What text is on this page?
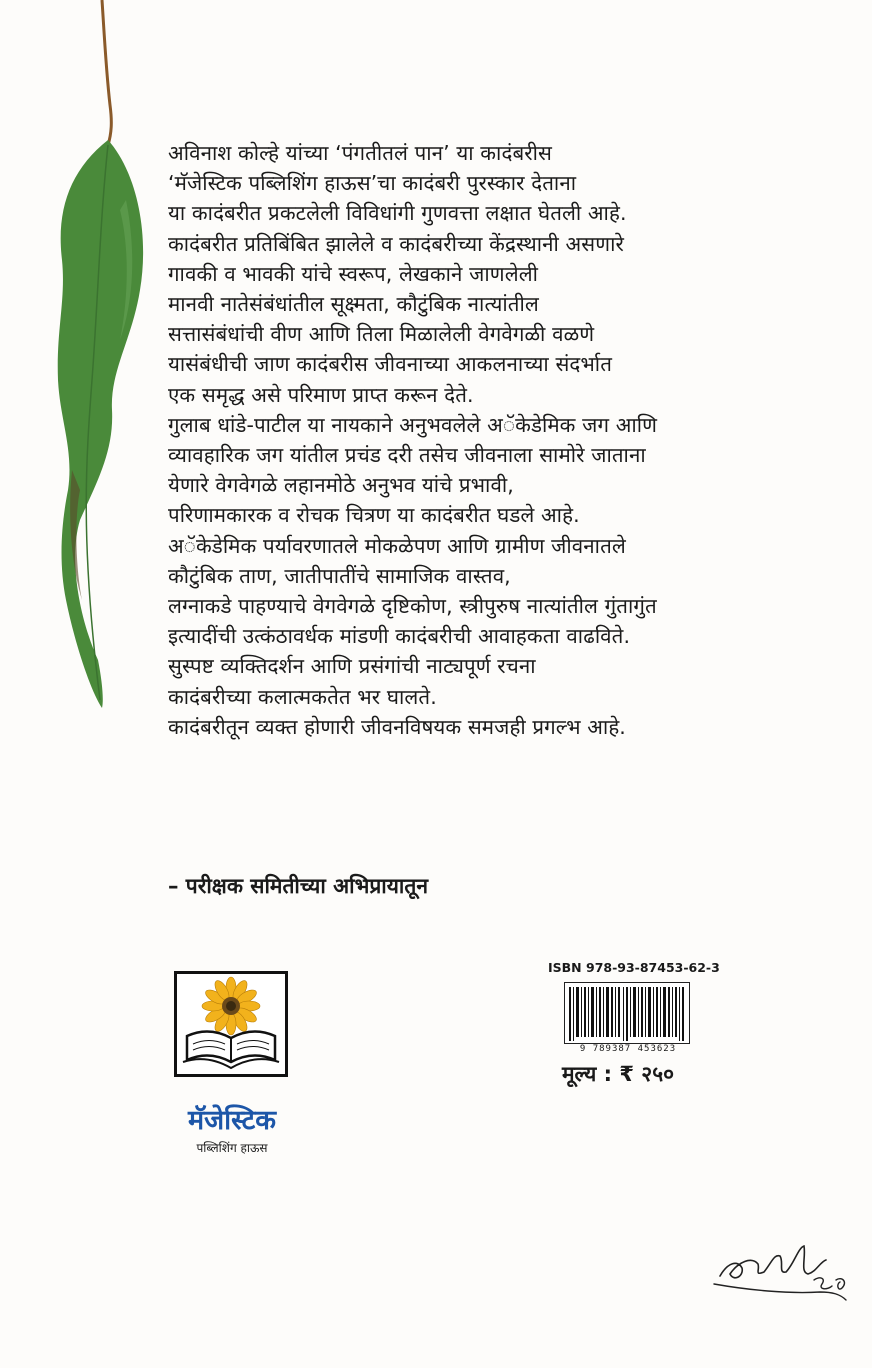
अविनाश कोल्हे यांच्या ‘पंगतीतलं पान’ या कादंबरीस
‘मॅजेस्टिक पब्लिशिंग हाऊस’चा कादंबरी पुरस्कार देताना
या कादंबरीत प्रकटलेली विविधांगी गुणवत्ता लक्षात घेतली आहे.
कादंबरीत प्रतिबिंबित झालेले व कादंबरीच्या केंद्रस्थानी असणारे
गावकी व भावकी यांचे स्वरूप, लेखकाने जाणलेली
मानवी नातेसंबंधांतील सूक्ष्मता, कौटुंबिक नात्यांतील
सत्तासंबंधांची वीण आणि तिला मिळालेली वेगवेगळी वळणे
यासंबंधीची जाण कादंबरीस जीवनाच्या आकलनाच्या संदर्भात
एक समृद्ध असे परिमाण प्राप्त करून देते.
गुलाब धांडे-पाटील या नायकाने अनुभवलेले अॅकेडेमिक जग आणि
व्यावहारिक जग यांतील प्रचंड दरी तसेच जीवनाला सामोरे जाताना
येणारे वेगवेगळे लहानमोठे अनुभव यांचे प्रभावी,
परिणामकारक व रोचक चित्रण या कादंबरीत घडले आहे.
अॅकेडेमिक पर्यावरणातले मोकळेपण आणि ग्रामीण जीवनातले
कौटुंबिक ताण, जातीपातींचे सामाजिक वास्तव,
लग्नाकडे पाहण्याचे वेगवेगळे दृष्टिकोण, स्त्रीपुरुष नात्यांतील गुंतागुंत
इत्यादींची उत्कंठावर्धक मांडणी कादंबरीची आवाहकता वाढविते.
सुस्पष्ट व्यक्तिदर्शन आणि प्रसंगांची नाट्यपूर्ण रचना
कादंबरीच्या कलात्मकतेत भर घालते.
कादंबरीतून व्यक्त होणारी जीवनविषयक समजही प्रगल्भ आहे.
– परीक्षक समितीच्या अभिप्रायातून
मॅजेस्टिक
पब्लिशिंग हाऊस
ISBN 978-93-87453-62-3
9 789387 453623
मूल्य : ₹ २५०
